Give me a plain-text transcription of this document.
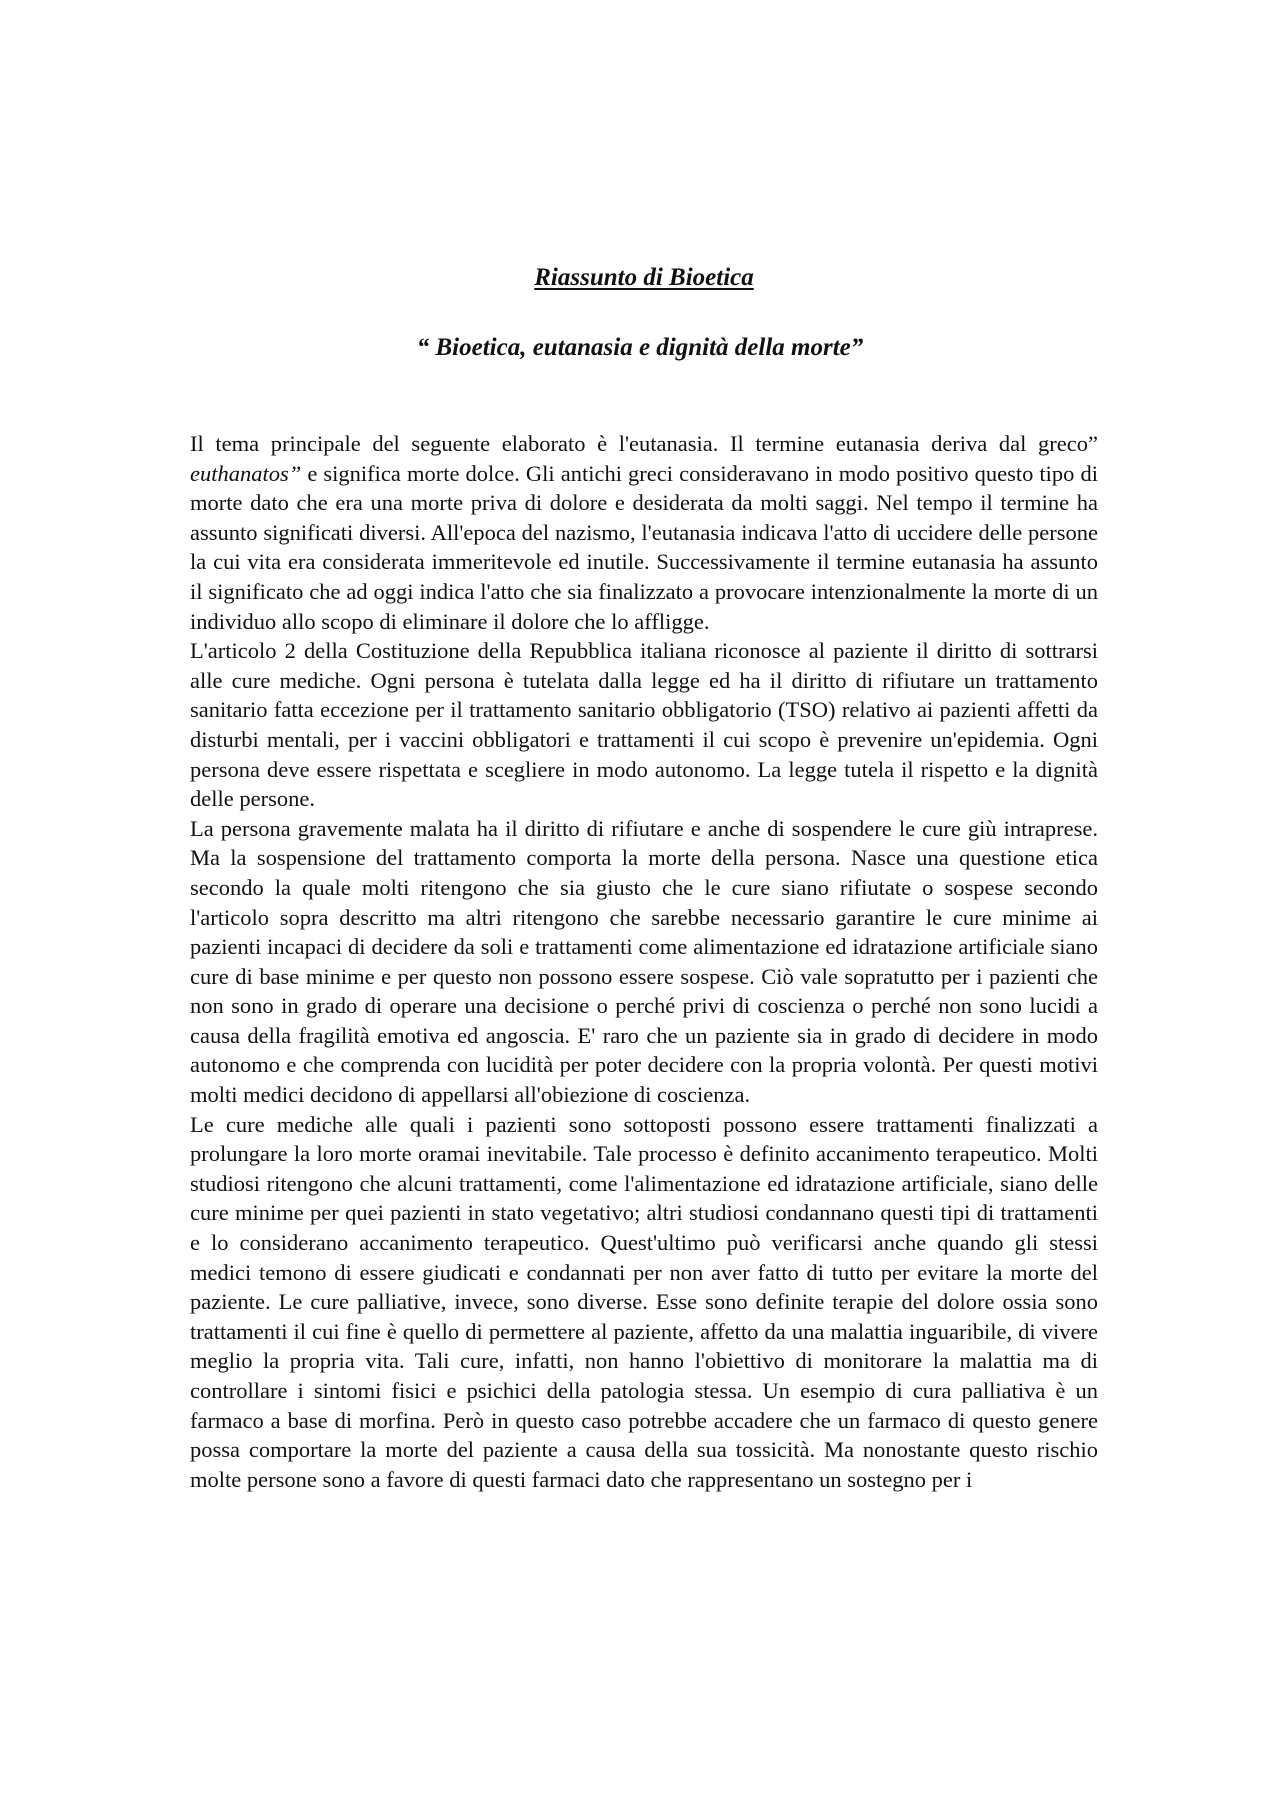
Riassunto di Bioetica
“ Bioetica, eutanasia e dignità della morte”

Il tema principale del seguente elaborato è l'eutanasia. Il termine eutanasia deriva dal greco” euthanatos” e significa morte dolce. Gli antichi greci consideravano in modo positivo questo tipo di morte dato che era una morte priva di dolore e desiderata da molti saggi. Nel tempo il termine ha assunto significati diversi. All'epoca del nazismo, l'eutanasia indicava l'atto di uccidere delle persone la cui vita era considerata immeritevole ed inutile. Successivamente il termine eutanasia ha assunto il significato che ad oggi indica l'atto che sia finalizzato a provocare intenzionalmente la morte di un individuo allo scopo di eliminare il dolore che lo affligge.

L'articolo 2 della Costituzione della Repubblica italiana riconosce al paziente il diritto di sottrarsi alle cure mediche. Ogni persona è tutelata dalla legge ed ha il diritto di rifiutare un trattamento sanitario fatta eccezione per il trattamento sanitario obbligatorio (TSO) relativo ai pazienti affetti da disturbi mentali, per i vaccini obbligatori e trattamenti il cui scopo è prevenire un'epidemia. Ogni persona deve essere rispettata e scegliere in modo autonomo. La legge tutela il rispetto e la dignità delle persone.

La persona gravemente malata ha il diritto di rifiutare e anche di sospendere le cure giù intraprese. Ma la sospensione del trattamento comporta la morte della persona. Nasce una questione etica secondo la quale molti ritengono che sia giusto che le cure siano rifiutate o sospese secondo l'articolo sopra descritto ma altri ritengono che sarebbe necessario garantire le cure minime ai pazienti incapaci di decidere da soli e trattamenti come alimentazione ed idratazione artificiale siano cure di base minime e per questo non possono essere sospese. Ciò vale sopratutto per i pazienti che non sono in grado di operare una decisione o perché privi di coscienza o perché non sono lucidi a causa della fragilità emotiva ed angoscia. E' raro che un paziente sia in grado di decidere in modo autonomo e che comprenda con lucidità per poter decidere con la propria volontà. Per questi motivi molti medici decidono di appellarsi all'obiezione di coscienza.

Le cure mediche alle quali i pazienti sono sottoposti possono essere trattamenti finalizzati a prolungare la loro morte oramai inevitabile. Tale processo è definito accanimento terapeutico. Molti studiosi ritengono che alcuni trattamenti, come l'alimentazione ed idratazione artificiale, siano delle cure minime per quei pazienti in stato vegetativo; altri studiosi condannano questi tipi di trattamenti e lo considerano accanimento terapeutico. Quest'ultimo può verificarsi anche quando gli stessi medici temono di essere giudicati e condannati per non aver fatto di tutto per evitare la morte del paziente. Le cure palliative, invece, sono diverse. Esse sono definite terapie del dolore ossia sono trattamenti il cui fine è quello di permettere al paziente, affetto da una malattia inguaribile, di vivere meglio la propria vita. Tali cure, infatti, non hanno l'obiettivo di monitorare la malattia ma di controllare i sintomi fisici e psichici della patologia stessa. Un esempio di cura palliativa è un farmaco a base di morfina. Però in questo caso potrebbe accadere che un farmaco di questo genere possa comportare la morte del paziente a causa della sua tossicità. Ma nonostante questo rischio molte persone sono a favore di questi farmaci dato che rappresentano un sostegno per i
